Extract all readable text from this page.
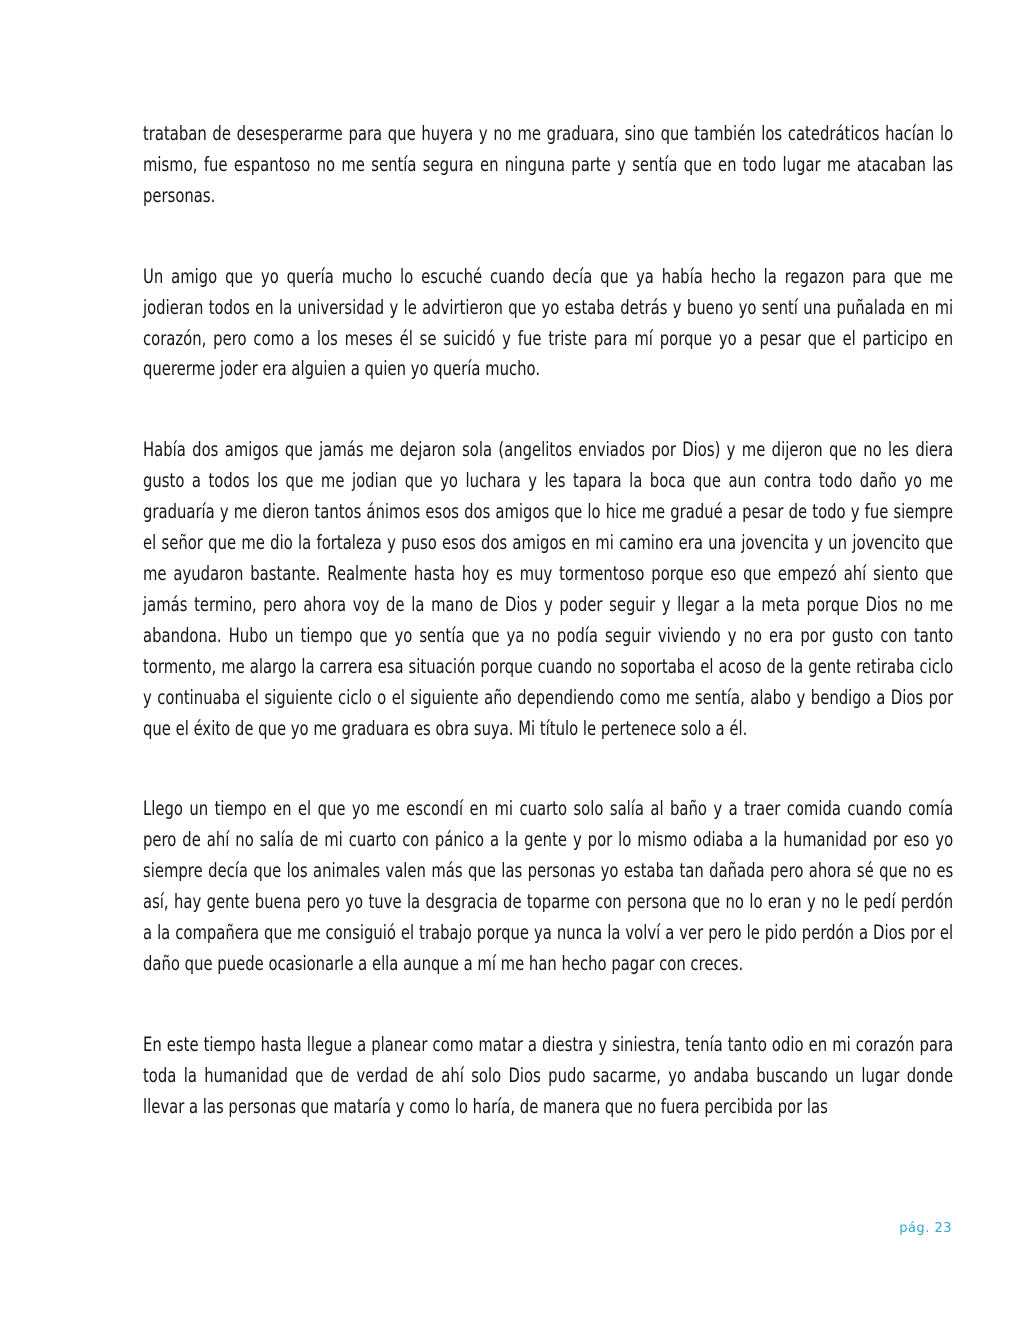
trataban de desesperarme para que huyera y no me graduara, sino que también los catedráticos hacían lo mismo, fue espantoso no me sentía segura en ninguna parte y sentía que en todo lugar me atacaban las personas.

Un amigo que yo quería mucho lo escuché cuando decía que ya había hecho la regazon para que me jodieran todos en la universidad y le advirtieron que yo estaba detrás y bueno yo sentí una puñalada en mi corazón, pero como a los meses él se suicidó y fue triste para mí porque yo a pesar que el participo en quererme joder era alguien a quien yo quería mucho.

Había dos amigos que jamás me dejaron sola (angelitos enviados por Dios) y me dijeron que no les diera gusto a todos los que me jodian que yo luchara y les tapara la boca que aun contra todo daño yo me graduaría y me dieron tantos ánimos esos dos amigos que lo hice me gradué a pesar de todo y fue siempre el señor que me dio la fortaleza y puso esos dos amigos en mi camino era una jovencita y un jovencito que me ayudaron bastante. Realmente hasta hoy es muy tormentoso porque eso que empezó ahí siento que jamás termino, pero ahora voy de la mano de Dios y poder seguir y llegar a la meta porque Dios no me abandona. Hubo un tiempo que yo sentía que ya no podía seguir viviendo y no era por gusto con tanto tormento, me alargo la carrera esa situación porque cuando no soportaba el acoso de la gente retiraba ciclo y continuaba el siguiente ciclo o el siguiente año dependiendo como me sentía, alabo y bendigo a Dios por que el éxito de que yo me graduara es obra suya. Mi título le pertenece solo a él.

Llego un tiempo en el que yo me escondí en mi cuarto solo salía al baño y a traer comida cuando comía pero de ahí no salía de mi cuarto con pánico a la gente y por lo mismo odiaba a la humanidad por eso yo siempre decía que los animales valen más que las personas yo estaba tan dañada pero ahora sé que no es así, hay gente buena pero yo tuve la desgracia de toparme con persona que no lo eran y no le pedí perdón a la compañera que me consiguió el trabajo porque ya nunca la volví a ver pero le pido perdón a Dios por el daño que puede ocasionarle a ella aunque a mí me han hecho pagar con creces.

En este tiempo hasta llegue a planear como matar a diestra y siniestra, tenía tanto odio en mi corazón para toda la humanidad que de verdad de ahí solo Dios pudo sacarme, yo andaba buscando un lugar donde llevar a las personas que mataría y como lo haría, de manera que no fuera percibida por las

pág. 23
